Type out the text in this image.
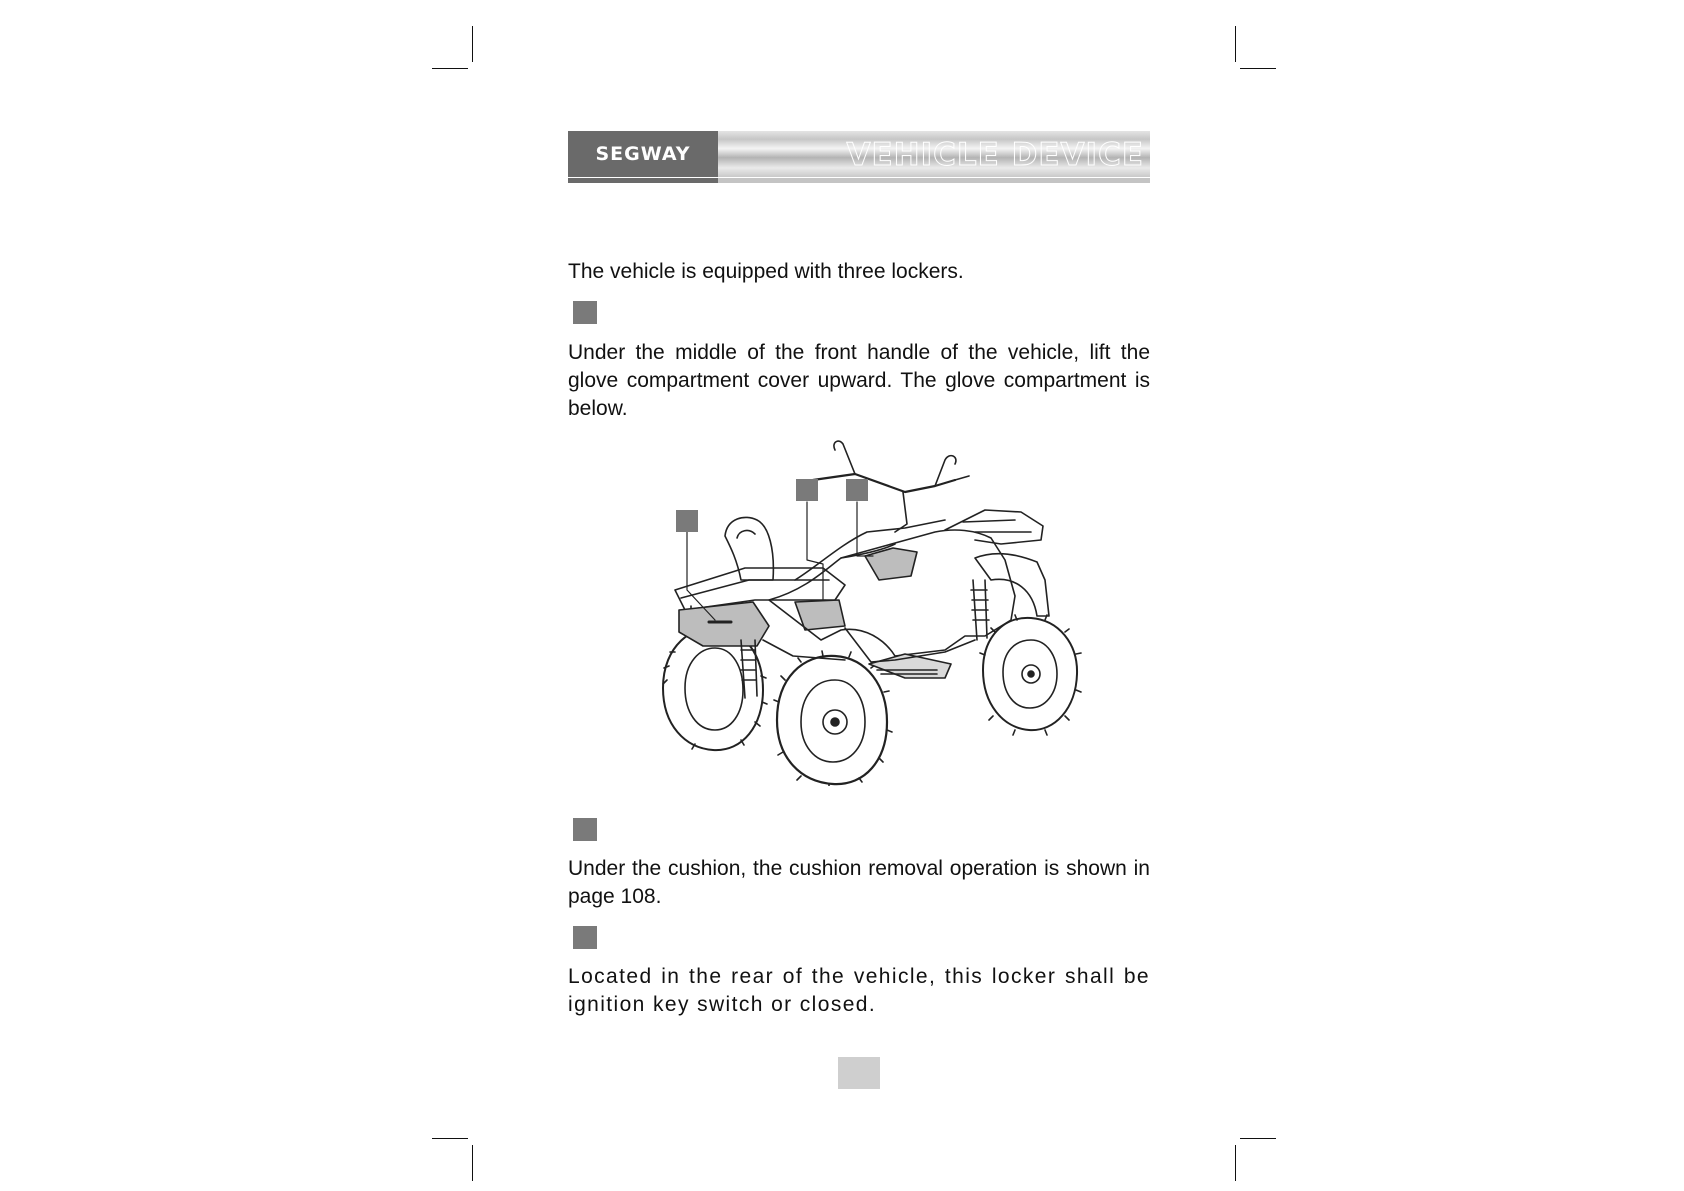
SEGWAY	VEHICLE DEVICE

The vehicle is equipped with three lockers.

Under the middle of the front handle of the vehicle, lift the glove compartment cover upward. The glove compartment is below.

Under the cushion, the cushion removal operation is shown in page 108.

Located in the rear of the vehicle, this locker shall be ignition key switch or closed.
